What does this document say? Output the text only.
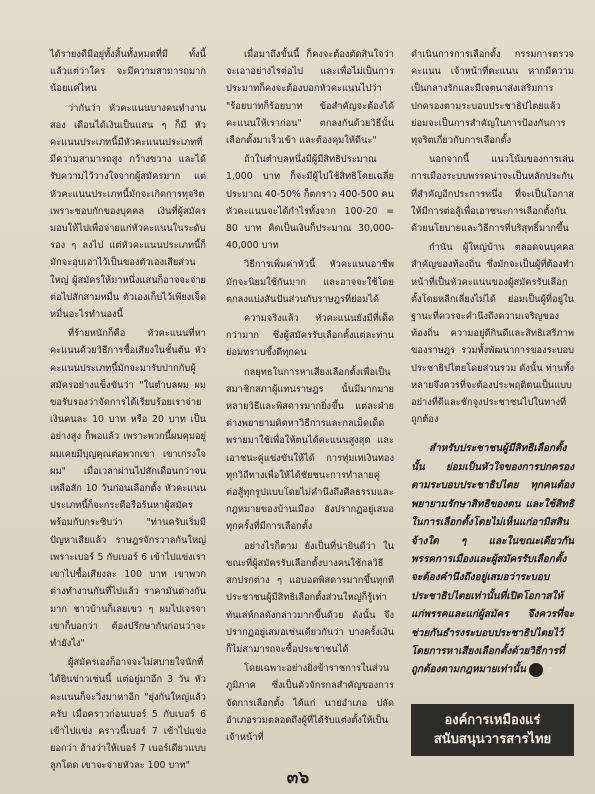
ได้รายงดีมีอยู่ทั้งสิ้นทั้งหมดที่มี ทั้งนี้ แล้วแต่ว่าใคร จะมีความสามารถมากน้อยแค่ไหน

ว่ากันว่า หัวคะแนนบางคนทำงานสอง เดือนได้เงินเป็นแสน ๆ ก็มี หัวคะแนนประเภทนี้มีหัวคะแนนประเภทที่มีความสามารถสูง กว้างขวาง และได้รับความไว้วางใจจากผู้สมัครมาก แต่หัวคะแนนประเภทนี้มักจะเกิดการทุจริต เพราะชอบกักของบุคคล เงินที่ผู้สมัครมอบให้ไปเพื่อจ่ายแก่หัวคะแนนในระดับรอง ๆ ลงไป แต่หัวคะแนนประเภทนี้ก็มักจะอุบเอาไว้เป็นของตัวเองเสียส่วนใหญ่ ผู้สมัครให้มาหนึ่งแสนก็อาจจะจ่ายต่อไปสักสามหมื่น ตัวเองเก็บไว้เพียงเจ็ดหมื่นอะไรทำนองนี้

ที่ร้ายหนักก็คือ หัวคะแนนที่หาคะแนนด้วยวิธีการซื้อเสียงในชั้นต้น หัวคะแนนประเภทนี้มักจะมารับปากกับผู้สมัครอย่างแข็งขันว่า "ในตำบลผม ผมขอรับรองว่าจัดการได้เรียบร้อยเราจ่ายเงินคนละ 10 บาท หรือ 20 บาท เป็นอย่างสูง ก็พอแล้ว เพราะพวกนี้ผมคุมอยู่ผมเคยมีบุญคุณต่อพวกเขา เขาเกรงใจผม" เมื่อเวลาผ่านไปสักเดือนกว่าจนเหลือสัก 10 วันก่อนเลือกตั้ง หัวคะแนนประเภทนี้ก็จะกระตือรือร้นหาผู้สมัคร พร้อมกับกระซิบว่า "ท่านครับเริ่มมีปัญหาเสียแล้ว ราษฎรจักรวาลกันใหญ่ เพราะเบอร์ 5 กับเบอร์ 6 เข้าไปแข่งเราเขาไปซื้อเสียงละ 100 บาท เขาพวกต่างทำงานกันที่ไปแล้ว ราคามันต่างกันมาก ชาวบ้านก็เลยเขว ๆ ผมไปเจรจา เขาก็บอกว่า ต้องปรึกษากันก่อนว่าจะทำยังไง"

ผู้สมัครเองก็อาจจะไม่สบายใจนักที่ได้ยินข่าวเช่นนี้ แต่อยู่มาอีก 3 วัน หัวคะแนนก็จะวิ่งมาหาอีก "ยุ่งกันใหญ่แล้วครับ เมื่อคราวก่อนเบอร์ 5 กับเบอร์ 6 เข้าไปแข่ง คราวนี้เบอร์ 7 เข้าไปแข่ง ยอกว่า อ้างว่าให้เบอร์ 7 เบอร์เดียวแบบลูกโดด เขาจะจ่ายหัวละ 100 บาท"

เมื่อมาถึงขั้นนี้ ก็คงจะต้องตัดสินใจว่าจะเอาอย่างไรต่อไป และเพื่อไม่เป็นการประมาทก็คงจะต้องบอกหัวคะแนนไปว่า "ร้อยบาทก็ร้อยบาท ข้อสำคัญจะต้องได้คะแนนให้เราก่อน" ตกลงกันด้วยวิธีนั้นเลือกตั้งมาเร็วเข้า และต้องคุมให้ดีนะ"

ถ้าในตำบลหนึ่งมีผู้มีสิทธิประมาณ 1,000 บาท ก็จะมีผู้ไปใช้สิทธิโดยเฉลี่ยประมาณ 40-50% ก็ตกราว 400-500 คน หัวคะแนนจะได้กำไรทั้งจาก 100-20 = 80 บาท คิดเป็นเงินก็ประมาณ 30,000-40,000 บาท

วิธีการเพิ่มค่าหัวนี้ หัวคะแนนอาชีพมักจะนิยมใช้กันมาก และอาจจะใช้โดยตกลงแบ่งสันปันส่วนกับราษฎรที่ย่อมได้

ความจริงแล้ว หัวคะแนนยังมีที่เด็ดกว่ามาก ซึ่งผู้สมัครรับเลือกตั้งแต่ละท่านย่อมทราบซึ้งดีทุกคน

กลยุทธในการหาเสียงเลือกตั้งเพื่อเป็นสมาชิกสภาผู้แทนราษฎร นั้นมีมากมายหลายวิธีและพิสดารมากยิ่งขึ้น แต่ละฝ่ายต่างพยายามคิดหาวิธีการและกลเม็ดเด็ดพรายมาใช้เพื่อให้ตนได้คะแนนสูงสุด และเอาชนะคู่แข่งขันให้ได้ การทุ่มเทเงินทองทุกวิถีทางเพื่อให้ได้ชัยชนะการทำลายคู่ต่อสู้ทุกรูปแบบโดยไม่คำนึงถึงศีลธรรมและกฎหมายของบ้านเมือง ยังปรากฏอยู่เสมอทุกครั้งที่มีการเลือกตั้ง

อย่างไรก็ตาม ยังเป็นที่น่ายินดีว่า ในขณะที่ผู้สมัครรับเลือกตั้งบางคนใช้กลวิธีสกปรกต่าง ๆ แอบอดพิสดารมากขึ้นทุกทีประชาชนผู้มีสิทธิเลือกตั้งส่วนใหญ่ก็รู้เท่าทันเล่ห์กลดังกล่าวมากขึ้นด้วย ดังนั้น จึงปรากฏอยู่เสมอเช่นเดียวกันว่า บางครั้งเงินก็ไม่สามารถจะซื้อประชาชนได้

โดยเฉพาะอย่างยิ่งข้าราชการในส่วนภูมิภาค ซึ่งเป็นตัวจักรกลสำคัญของการจัดการเลือกตั้ง ได้แก่ นายอำเภอ ปลัดอำเภอรวมตลอดถึงผู้ที่ได้รับแต่งตั้งให้เป็นเจ้าหน้าที่

ดำเนินการการเลือกตั้ง กรรมการตรวจคะแนน เจ้าหน้าที่คะแนน หากมีความเป็นกลางรักและมีเจตนาส่งเสริมการปกครองตามระบอบประชาธิปไตยแล้ว ย่อมจะเป็นการสำคัญในการป้องกันการทุจริตเกี่ยวกับการเลือกตั้ง

นอกจากนี้ แนวโน้มของการเล่นการเมืองระบบพรรคน่าจะเป็นหลักประกันที่สำคัญอีกประการหนึ่ง ที่จะเป็นโอกาสให้มีการต่อสู้เพื่อเอาชนะการเลือกตั้งกันด้วยนโยบายและวิธีการที่บริสุทธิ์มากขึ้น

กำนัน ผู้ใหญ่บ้าน ตลอดจนบุคคลสำคัญของท้องถิ่น ซึ่งมักจะเป็นผู้ที่ต้องทำหน้าที่เป็นหัวคะแนนของผู้สมัครรับเลือกตั้งโดยหลีกเลี่ยงไม่ได้ ย่อมเป็นผู้ที่อยู่ในฐานะที่ควรจะคำนึงถึงความเจริญของท้องถิ่น ความอยู่ดีกินดีและสิทธิเสรีภาพของราษฎร รวมทั้งพัฒนาการของระบอบประชาธิปไตยโดยส่วนรวม ดังนั้น ท่านทั้งหลายจึงควรที่จะต้องประพฤติตนเป็นแบบอย่างที่ดีและชักจูงประชาชนไปในทางที่ถูกต้อง

สำหรับประชาชนผู้มีสิทธิเลือกตั้งนั้น ย่อมเป็นหัวใจของการปกครองตามระบอบประชาธิปไตย ทุกคนต้องพยายามรักษาสิทธิของตน และใช้สิทธิในการเลือกตั้งโดยไม่เห็นแก่อามิสสินจ้างใด ๆ และในขณะเดียวกันพรรคการเมืองและผู้สมัครรับเลือกตั้งจะต้องคำนึงถึงอยู่เสมอว่าระบอบประชาธิปไตยเท่านั้นที่เปิดโอกาสให้แก่พรรคและแก่ผู้สมัคร จึงควรที่จะช่วยกันธำรงระบอบประชาธิปไตยไว้ โดยการหาเสียงเลือกตั้งด้วยวิธีการที่ถูกต้องตามกฎหมายเท่านั้น ธ
องค์การเหมืองแร่
สนับสนุนวารสารไทย
๓๖
